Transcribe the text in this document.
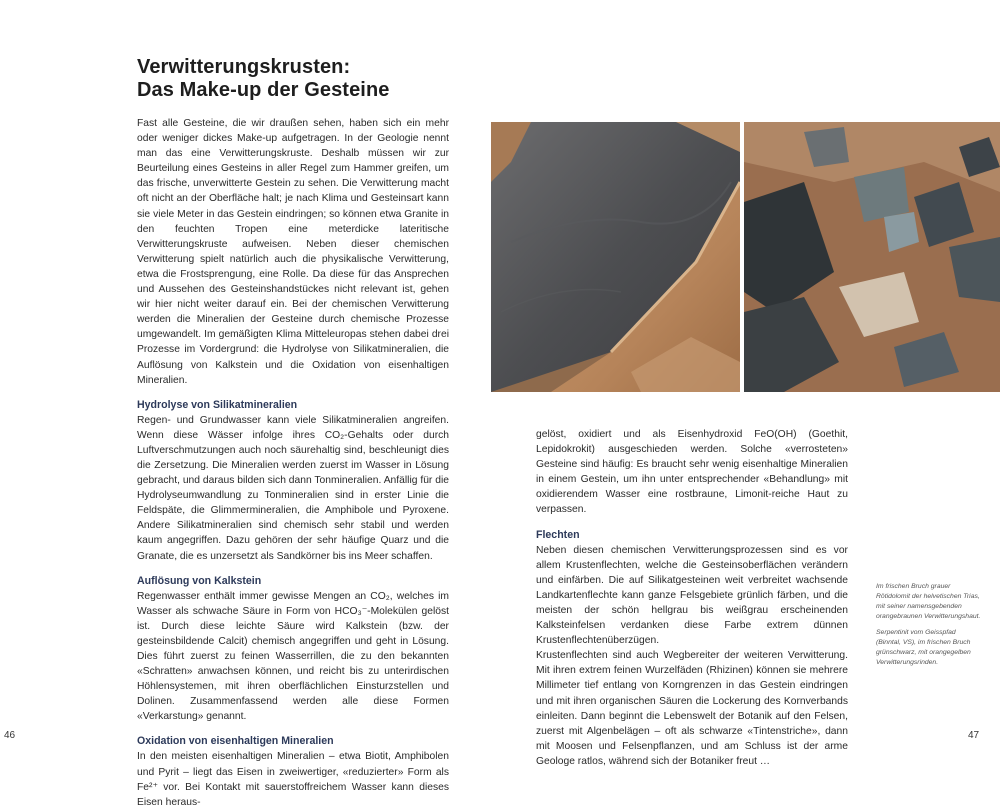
Verwitterungskrusten:
Das Make-up der Gesteine

Fast alle Gesteine, die wir draußen sehen, haben sich ein mehr oder weniger dickes Make-up aufgetragen. In der Geologie nennt man das eine Verwitterungskruste. Deshalb müssen wir zur Beurteilung eines Gesteins in aller Regel zum Hammer greifen, um das frische, unverwitterte Gestein zu sehen. Die Verwitterung macht oft nicht an der Oberfläche halt; je nach Klima und Gesteinsart kann sie viele Meter in das Gestein eindringen; so können etwa Granite in den feuchten Tropen eine meterdicke lateritische Verwitterungskruste aufweisen. Neben dieser chemischen Verwitterung spielt natürlich auch die physikalische Verwitterung, etwa die Frostsprengung, eine Rolle. Da diese für das Ansprechen und Aussehen des Gesteinshandstückes nicht relevant ist, gehen wir hier nicht weiter darauf ein. Bei der chemischen Verwitterung werden die Mineralien der Gesteine durch chemische Prozesse umgewandelt. Im gemäßigten Klima Mitteleuropas stehen dabei drei Prozesse im Vordergrund: die Hydrolyse von Silikatmineralien, die Auflösung von Kalkstein und die Oxidation von eisenhaltigen Mineralien.

Hydrolyse von Silikatmineralien

Regen- und Grundwasser kann viele Silikatmineralien angreifen. Wenn diese Wässer infolge ihres CO₂-Gehalts oder durch Luftverschmutzungen auch noch säurehaltig sind, beschleunigt dies die Zersetzung. Die Mineralien werden zuerst im Wasser in Lösung gebracht, und daraus bilden sich dann Tonmineralien. Anfällig für die Hydrolyseumwandlung zu Tonmineralien sind in erster Linie die Feldspäte, die Glimmermineralien, die Amphibole und Pyroxene. Andere Silikatmineralien sind chemisch sehr stabil und werden kaum angegriffen. Dazu gehören der sehr häufige Quarz und die Granate, die es unzersetzt als Sandkörner bis ins Meer schaffen.

Auflösung von Kalkstein

Regenwasser enthält immer gewisse Mengen an CO₂, welches im Wasser als schwache Säure in Form von HCO₃⁻-Molekülen gelöst ist. Durch diese leichte Säure wird Kalkstein (bzw. der gesteinsbildende Calcit) chemisch angegriffen und geht in Lösung. Dies führt zuerst zu feinen Wasserrillen, die zu den bekannten «Schratten» anwachsen können, und reicht bis zu unterirdischen Höhlensystemen, mit ihren oberflächlichen Einsturzstellen und Dolinen. Zusammenfassend werden alle diese Formen «Verkarstung» genannt.

Oxidation von eisenhaltigen Mineralien

In den meisten eisenhaltigen Mineralien – etwa Biotit, Amphibolen und Pyrit – liegt das Eisen in zweiwertiger, «reduzierter» Form als Fe²⁺ vor. Bei Kontakt mit sauerstoffreichem Wasser kann dieses Eisen heraus-

gelöst, oxidiert und als Eisenhydroxid FeO(OH) (Goethit, Lepidokrokit) ausgeschieden werden. Solche «verrosteten» Gesteine sind häufig: Es braucht sehr wenig eisenhaltige Mineralien in einem Gestein, um ihn unter entsprechender «Behandlung» mit oxidierendem Wasser eine rostbraune, Limonit-reiche Haut zu verpassen.

Flechten

Neben diesen chemischen Verwitterungsprozessen sind es vor allem Krustenflechten, welche die Gesteinsoberflächen verändern und einfärben. Die auf Silikatgesteinen weit verbreitet wachsende Landkartenflechte kann ganze Felsgebiete grünlich färben, und die meisten der schön hellgrau bis weißgrau erscheinenden Kalksteinfelsen verdanken diese Farbe extrem dünnen Krustenflechtenüberzügen.

Krustenflechten sind auch Wegbereiter der weiteren Verwitterung. Mit ihren extrem feinen Wurzelfäden (Rhizinen) können sie mehrere Millimeter tief entlang von Korngrenzen in das Gestein eindringen und mit ihren organischen Säuren die Lockerung des Kornverbands einleiten. Dann beginnt die Lebenswelt der Botanik auf den Felsen, zuerst mit Algenbelägen – oft als schwarze «Tintenstriche», dann mit Moosen und Felsenpflanzen, und am Schluss ist der arme Geologe ratlos, während sich der Botaniker freut …

Im frischen Bruch grauer Rötidolomit der helvetischen Trias, mit seiner namensgebenden orangebraunen Verwitterungshaut.

Serpentinit vom Geisspfad (Binntal, VS), im frischen Bruch grünschwarz, mit orangegelben Verwitterungsrinden.

46	47
